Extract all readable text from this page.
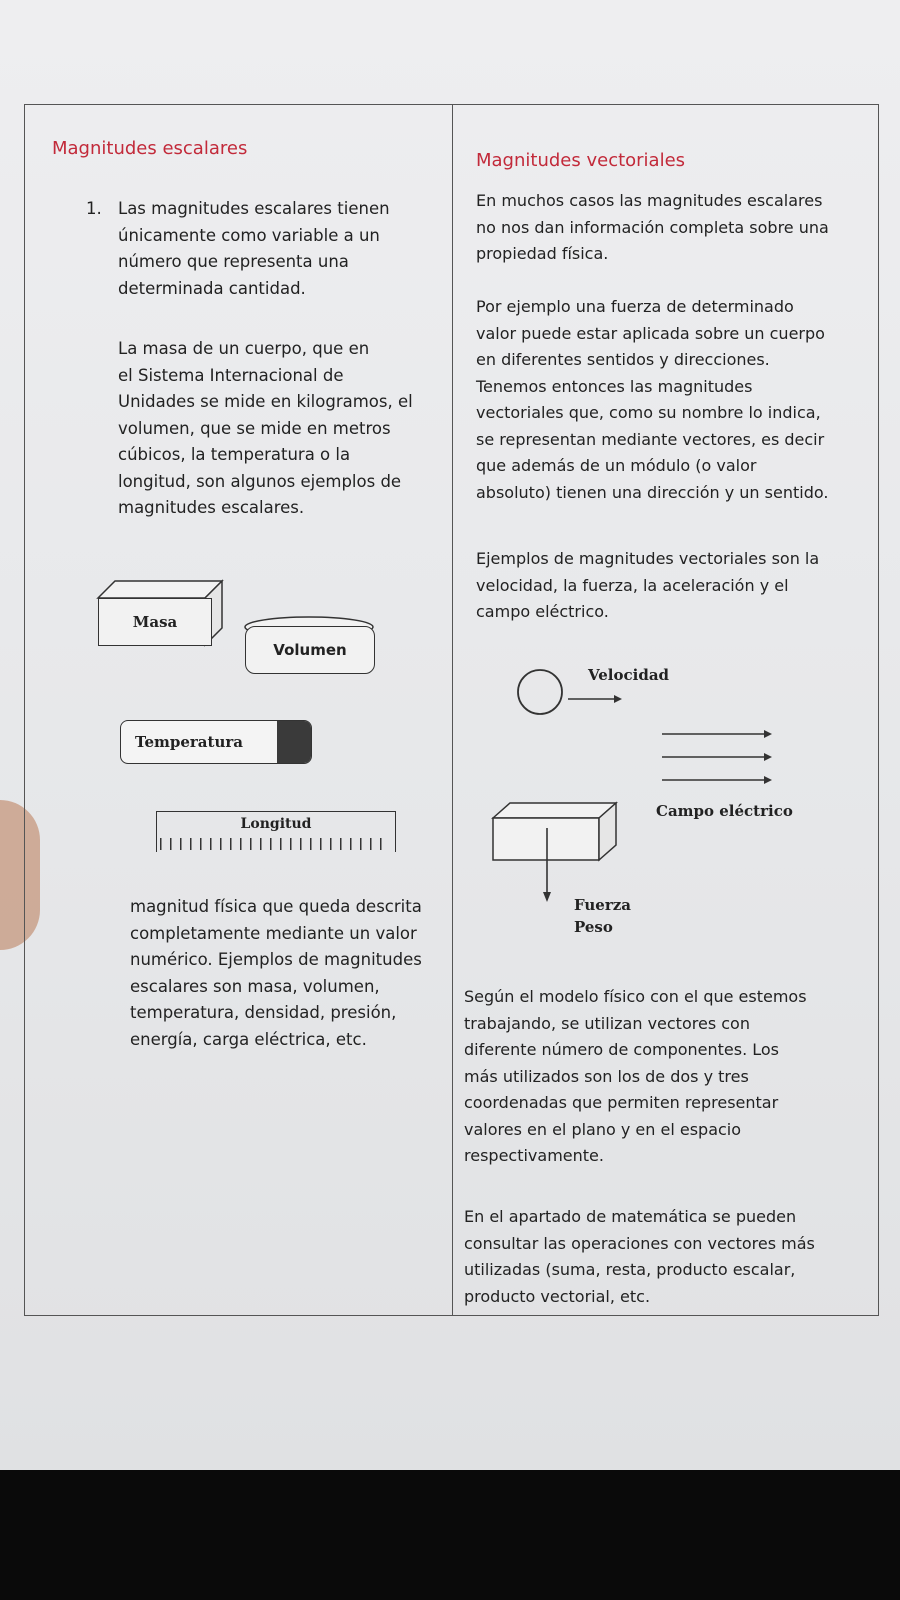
Magnitudes escalares
1. Las magnitudes escalares tienen
únicamente como variable a un
número que representa una
determinada cantidad.
La masa de un cuerpo, que en
el Sistema Internacional de
Unidades se mide en kilogramos, el
volumen, que se mide en metros
cúbicos, la temperatura o la
longitud, son algunos ejemplos de
magnitudes escalares.
Masa
Volumen
Temperatura
Longitud
magnitud física que queda descrita
completamente mediante un valor
numérico. Ejemplos de magnitudes
escalares son masa, volumen,
temperatura, densidad, presión,
energía, carga eléctrica, etc.
Magnitudes vectoriales
En muchos casos las magnitudes escalares
no nos dan información completa sobre una
propiedad física.
Por ejemplo una fuerza de determinado
valor puede estar aplicada sobre un cuerpo
en diferentes sentidos y direcciones.
Tenemos entonces las magnitudes
vectoriales que, como su nombre lo indica,
se representan mediante vectores, es decir
que además de un módulo (o valor
absoluto) tienen una dirección y un sentido.
Ejemplos de magnitudes vectoriales son la
velocidad, la fuerza, la aceleración y el
campo eléctrico.
Velocidad
Campo eléctrico
Fuerza
Peso
Según el modelo físico con el que estemos
trabajando, se utilizan vectores con
diferente número de componentes. Los
más utilizados son los de dos y tres
coordenadas que permiten representar
valores en el plano y en el espacio
respectivamente.
En el apartado de matemática se pueden
consultar las operaciones con vectores más
utilizadas (suma, resta, producto escalar,
producto vectorial, etc.
